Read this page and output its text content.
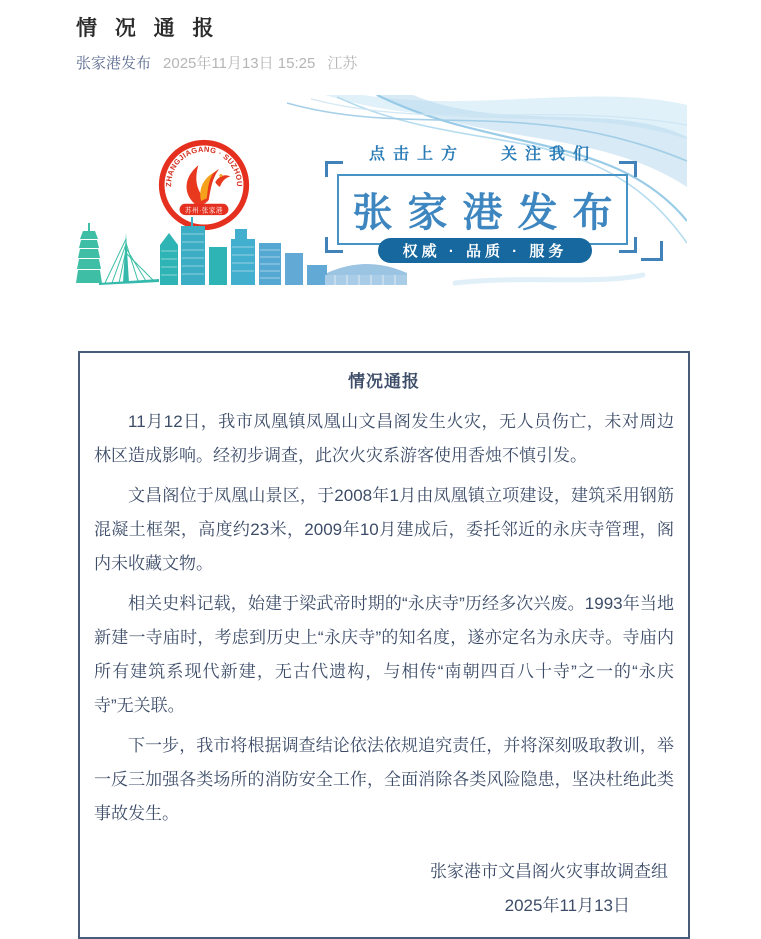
情 况 通 报
张家港发布 2025年11月13日 15:25 江苏
ZHANGJIAGANG · SUZHOU
苏州·张家港
点击上方 关注我们
张家港发布
权威 · 品质 · 服务
情况通报

11月12日，我市凤凰镇凤凰山文昌阁发生火灾，无人员伤亡，未对周边林区造成影响。经初步调查，此次火灾系游客使用香烛不慎引发。

文昌阁位于凤凰山景区，于2008年1月由凤凰镇立项建设，建筑采用钢筋混凝土框架，高度约23米，2009年10月建成后，委托邻近的永庆寺管理，阁内未收藏文物。

相关史料记载，始建于梁武帝时期的“永庆寺”历经多次兴废。1993年当地新建一寺庙时，考虑到历史上“永庆寺”的知名度，遂亦定名为永庆寺。寺庙内所有建筑系现代新建，无古代遗构，与相传“南朝四百八十寺”之一的“永庆寺”无关联。

下一步，我市将根据调查结论依法依规追究责任，并将深刻吸取教训，举一反三加强各类场所的消防安全工作，全面消除各类风险隐患，坚决杜绝此类事故发生。

张家港市文昌阁火灾事故调查组
2025年11月13日
